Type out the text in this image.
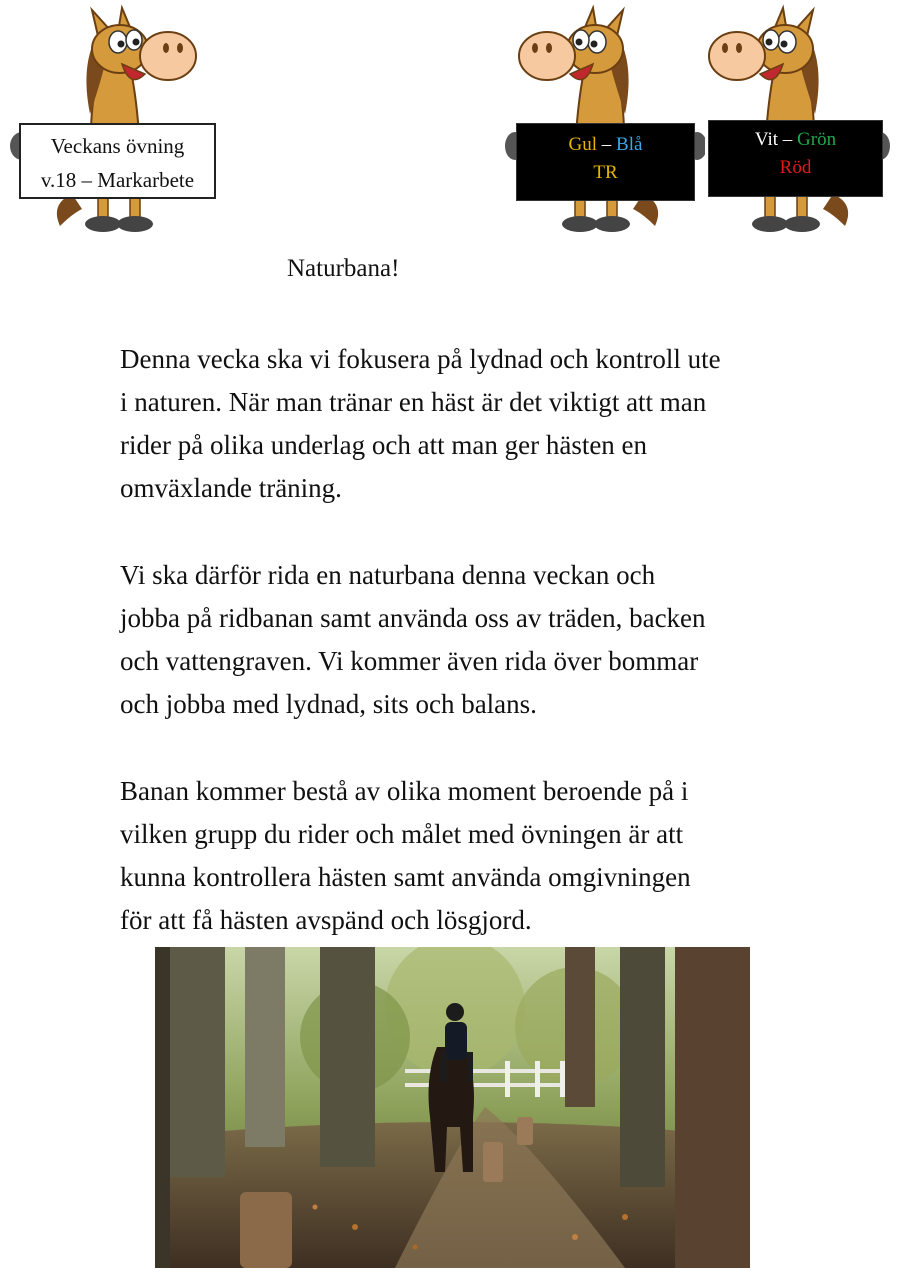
Veckans övning
v.18 – Markarbete
Gul – Blå
TR
Vit – Grön
Röd
Naturbana!

Denna vecka ska vi fokusera på lydnad och kontroll ute
i naturen. När man tränar en häst är det viktigt att man
rider på olika underlag och att man ger hästen en
omväxlande träning.

Vi ska därför rida en naturbana denna veckan och
jobba på ridbanan samt använda oss av träden, backen
och vattengraven. Vi kommer även rida över bommar
och jobba med lydnad, sits och balans.

Banan kommer bestå av olika moment beroende på i
vilken grupp du rider och målet med övningen är att
kunna kontrollera hästen samt använda omgivningen
för att få hästen avspänd och lösgjord.
